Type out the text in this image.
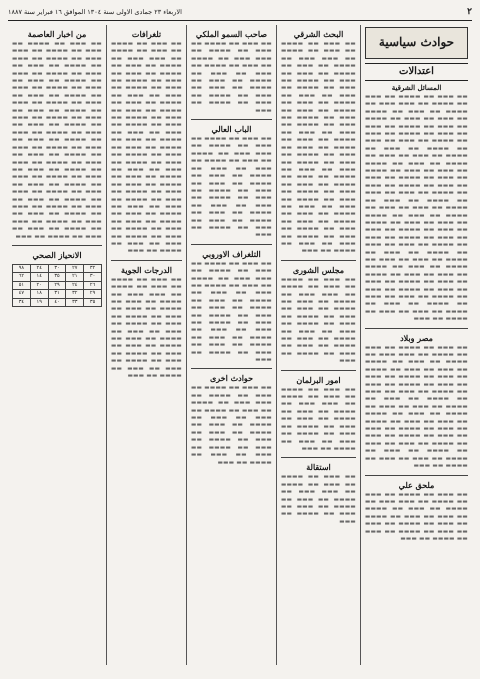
٢
الاربعاء ٢٣ جمادى الاولى سنة ١٣٠٤ الموافق ١٦ فبراير سنة ١٨٨٧
حوادث سياسية
اعتدالات
المسائل الشرقية
▬▬ ▬▬▬ ▬▬ ▬▬▬▬ ▬▬ ▬▬▬ ▬▬ ▬▬▬▬ ▬▬ ▬▬▬ ▬▬▬ ▬▬ ▬▬▬▬ ▬▬ ▬▬▬ ▬▬ ▬▬▬▬ ▬▬ ▬▬▬ ▬▬ ▬▬▬ ▬▬ ▬▬▬▬ ▬▬ ▬▬▬ ▬▬ ▬▬▬▬ ▬▬ ▬▬▬ ▬▬ ▬▬▬ ▬▬ ▬▬▬▬ ▬▬ ▬▬▬ ▬▬ ▬▬▬▬ ▬▬ ▬▬▬ ▬▬ ▬▬▬ ▬▬ ▬▬▬▬ ▬▬ ▬▬▬ ▬▬ ▬▬▬▬ ▬▬ ▬▬▬ ▬▬ ▬▬▬ ▬▬ ▬▬▬▬ ▬▬ ▬▬▬ ▬▬ ▬▬▬▬ ▬▬ ▬▬▬ ▬▬ ▬▬▬ ▬▬ ▬▬▬▬ ▬▬ ▬▬▬ ▬▬ ▬▬▬▬ ▬▬ ▬▬▬ ▬▬ ▬▬▬ ▬▬ ▬▬▬▬ ▬▬ ▬▬▬ ▬▬ ▬▬▬▬ ▬▬ ▬▬▬ ▬▬ ▬▬▬ ▬▬ ▬▬▬▬ ▬▬ ▬▬▬ ▬▬ ▬▬▬▬ ▬▬ ▬▬▬ ▬▬ ▬▬▬ ▬▬ ▬▬▬▬ ▬▬ ▬▬▬ ▬▬ ▬▬▬▬ ▬▬ ▬▬▬ ▬▬ ▬▬▬ ▬▬ ▬▬▬▬ ▬▬ ▬▬▬ ▬▬ ▬▬▬▬ ▬▬ ▬▬▬ ▬▬ ▬▬▬ ▬▬ ▬▬▬▬ ▬▬ ▬▬▬ ▬▬ ▬▬▬▬ ▬▬ ▬▬▬ ▬▬ ▬▬▬ ▬▬ ▬▬▬▬ ▬▬ ▬▬▬ ▬▬ ▬▬▬▬ ▬▬ ▬▬▬ ▬▬ ▬▬▬ ▬▬ ▬▬▬▬ ▬▬ ▬▬▬ ▬▬ ▬▬▬▬ ▬▬ ▬▬▬ ▬▬ ▬▬▬ ▬▬ ▬▬▬▬ ▬▬ ▬▬▬ ▬▬ ▬▬▬▬ ▬▬ ▬▬▬ ▬▬ ▬▬▬ ▬▬ ▬▬▬▬ ▬▬ ▬▬▬ ▬▬ ▬▬▬▬ ▬▬ ▬▬▬ ▬▬ ▬▬▬ ▬▬ ▬▬▬▬ ▬▬ ▬▬▬ ▬▬ ▬▬▬▬ ▬▬ ▬▬▬ ▬▬ ▬▬▬ ▬▬ ▬▬▬▬ ▬▬ ▬▬▬
مصر وبلاد
▬▬ ▬▬▬ ▬▬ ▬▬▬▬ ▬▬ ▬▬▬ ▬▬ ▬▬▬▬ ▬▬ ▬▬▬ ▬▬▬ ▬▬ ▬▬▬▬ ▬▬ ▬▬▬ ▬▬ ▬▬▬▬ ▬▬ ▬▬▬ ▬▬ ▬▬▬ ▬▬ ▬▬▬▬ ▬▬ ▬▬▬ ▬▬ ▬▬▬▬ ▬▬ ▬▬▬ ▬▬ ▬▬▬ ▬▬ ▬▬▬▬ ▬▬ ▬▬▬ ▬▬ ▬▬▬▬ ▬▬ ▬▬▬ ▬▬ ▬▬▬ ▬▬ ▬▬▬▬ ▬▬ ▬▬▬ ▬▬ ▬▬▬▬ ▬▬ ▬▬▬ ▬▬ ▬▬▬ ▬▬ ▬▬▬▬ ▬▬ ▬▬▬ ▬▬ ▬▬▬▬ ▬▬ ▬▬▬ ▬▬ ▬▬▬ ▬▬ ▬▬▬▬ ▬▬ ▬▬▬ ▬▬ ▬▬▬▬ ▬▬ ▬▬▬ ▬▬ ▬▬▬ ▬▬ ▬▬▬▬ ▬▬ ▬▬▬ ▬▬ ▬▬▬▬ ▬▬ ▬▬▬ ▬▬ ▬▬▬ ▬▬ ▬▬▬▬ ▬▬ ▬▬▬ ▬▬ ▬▬▬▬ ▬▬ ▬▬▬ ▬▬ ▬▬▬ ▬▬ ▬▬▬▬ ▬▬ ▬▬▬
ملحق علي
▬▬ ▬▬▬ ▬▬ ▬▬▬▬ ▬▬ ▬▬▬ ▬▬ ▬▬▬▬ ▬▬ ▬▬▬ ▬▬▬ ▬▬ ▬▬▬▬ ▬▬ ▬▬▬ ▬▬ ▬▬▬▬ ▬▬ ▬▬▬ ▬▬ ▬▬▬ ▬▬ ▬▬▬▬ ▬▬ ▬▬▬ ▬▬ ▬▬▬▬ ▬▬ ▬▬▬ ▬▬ ▬▬▬ ▬▬ ▬▬▬▬ ▬▬ ▬▬▬ ▬▬ ▬▬▬▬ ▬▬ ▬▬▬
البحث الشرقي
▬▬ ▬▬▬ ▬▬ ▬▬▬▬ ▬▬ ▬▬▬ ▬▬ ▬▬▬▬ ▬▬ ▬▬▬ ▬▬▬ ▬▬ ▬▬▬▬ ▬▬ ▬▬▬ ▬▬ ▬▬▬▬ ▬▬ ▬▬▬ ▬▬ ▬▬▬ ▬▬ ▬▬▬▬ ▬▬ ▬▬▬ ▬▬ ▬▬▬▬ ▬▬ ▬▬▬ ▬▬ ▬▬▬ ▬▬ ▬▬▬▬ ▬▬ ▬▬▬ ▬▬ ▬▬▬▬ ▬▬ ▬▬▬ ▬▬ ▬▬▬ ▬▬ ▬▬▬▬ ▬▬ ▬▬▬ ▬▬ ▬▬▬▬ ▬▬ ▬▬▬ ▬▬ ▬▬▬ ▬▬ ▬▬▬▬ ▬▬ ▬▬▬ ▬▬ ▬▬▬▬ ▬▬ ▬▬▬ ▬▬ ▬▬▬ ▬▬ ▬▬▬▬ ▬▬ ▬▬▬ ▬▬ ▬▬▬▬ ▬▬ ▬▬▬ ▬▬ ▬▬▬ ▬▬ ▬▬▬▬ ▬▬ ▬▬▬ ▬▬ ▬▬▬▬ ▬▬ ▬▬▬ ▬▬ ▬▬▬ ▬▬ ▬▬▬▬ ▬▬ ▬▬▬ ▬▬ ▬▬▬▬ ▬▬ ▬▬▬ ▬▬ ▬▬▬ ▬▬ ▬▬▬▬ ▬▬ ▬▬▬ ▬▬ ▬▬▬▬ ▬▬ ▬▬▬ ▬▬ ▬▬▬ ▬▬ ▬▬▬▬ ▬▬ ▬▬▬ ▬▬ ▬▬▬▬ ▬▬ ▬▬▬ ▬▬ ▬▬▬ ▬▬ ▬▬▬▬ ▬▬ ▬▬▬
مجلس الشورى
▬▬ ▬▬▬ ▬▬ ▬▬▬▬ ▬▬ ▬▬▬ ▬▬ ▬▬▬▬ ▬▬ ▬▬▬ ▬▬▬ ▬▬ ▬▬▬▬ ▬▬ ▬▬▬ ▬▬ ▬▬▬▬ ▬▬ ▬▬▬ ▬▬ ▬▬▬ ▬▬ ▬▬▬▬ ▬▬ ▬▬▬ ▬▬ ▬▬▬▬ ▬▬ ▬▬▬ ▬▬ ▬▬▬ ▬▬ ▬▬▬▬ ▬▬ ▬▬▬ ▬▬ ▬▬▬▬ ▬▬ ▬▬▬ ▬▬ ▬▬▬ ▬▬ ▬▬▬▬ ▬▬ ▬▬▬
امور البرلمان
▬▬ ▬▬▬ ▬▬ ▬▬▬▬ ▬▬ ▬▬▬ ▬▬ ▬▬▬▬ ▬▬ ▬▬▬ ▬▬▬ ▬▬ ▬▬▬▬ ▬▬ ▬▬▬ ▬▬ ▬▬▬▬ ▬▬ ▬▬▬ ▬▬ ▬▬▬ ▬▬ ▬▬▬▬ ▬▬ ▬▬▬ ▬▬ ▬▬▬▬ ▬▬ ▬▬▬ ▬▬ ▬▬▬ ▬▬ ▬▬▬▬ ▬▬ ▬▬▬
استقالة
▬▬ ▬▬▬ ▬▬ ▬▬▬▬ ▬▬ ▬▬▬ ▬▬ ▬▬▬▬ ▬▬ ▬▬▬ ▬▬▬ ▬▬ ▬▬▬▬ ▬▬ ▬▬▬ ▬▬ ▬▬▬▬ ▬▬ ▬▬▬ ▬▬ ▬▬▬ ▬▬ ▬▬▬▬ ▬▬ ▬▬▬
صاحب السمو الملكي
▬▬ ▬▬▬ ▬▬ ▬▬▬▬ ▬▬ ▬▬▬ ▬▬ ▬▬▬▬ ▬▬ ▬▬▬ ▬▬▬ ▬▬ ▬▬▬▬ ▬▬ ▬▬▬ ▬▬ ▬▬▬▬ ▬▬ ▬▬▬ ▬▬ ▬▬▬ ▬▬ ▬▬▬▬ ▬▬ ▬▬▬ ▬▬ ▬▬▬▬ ▬▬ ▬▬▬ ▬▬ ▬▬▬ ▬▬ ▬▬▬▬ ▬▬ ▬▬▬ ▬▬ ▬▬▬▬ ▬▬ ▬▬▬
الباب العالي
▬▬ ▬▬▬ ▬▬ ▬▬▬▬ ▬▬ ▬▬▬ ▬▬ ▬▬▬▬ ▬▬ ▬▬▬ ▬▬▬ ▬▬ ▬▬▬▬ ▬▬ ▬▬▬ ▬▬ ▬▬▬▬ ▬▬ ▬▬▬ ▬▬ ▬▬▬ ▬▬ ▬▬▬▬ ▬▬ ▬▬▬ ▬▬ ▬▬▬▬ ▬▬ ▬▬▬ ▬▬ ▬▬▬ ▬▬ ▬▬▬▬ ▬▬ ▬▬▬ ▬▬ ▬▬▬▬ ▬▬ ▬▬▬ ▬▬ ▬▬▬ ▬▬ ▬▬▬▬ ▬▬ ▬▬▬ ▬▬ ▬▬▬▬ ▬▬ ▬▬▬ ▬▬ ▬▬▬ ▬▬ ▬▬▬▬ ▬▬ ▬▬▬
التلغراف الاوروبي
▬▬ ▬▬▬ ▬▬ ▬▬▬▬ ▬▬ ▬▬▬ ▬▬ ▬▬▬▬ ▬▬ ▬▬▬ ▬▬▬ ▬▬ ▬▬▬▬ ▬▬ ▬▬▬ ▬▬ ▬▬▬▬ ▬▬ ▬▬▬ ▬▬ ▬▬▬ ▬▬ ▬▬▬▬ ▬▬ ▬▬▬ ▬▬ ▬▬▬▬ ▬▬ ▬▬▬ ▬▬ ▬▬▬ ▬▬ ▬▬▬▬ ▬▬ ▬▬▬ ▬▬ ▬▬▬▬ ▬▬ ▬▬▬ ▬▬ ▬▬▬ ▬▬ ▬▬▬▬ ▬▬ ▬▬▬ ▬▬ ▬▬▬▬ ▬▬ ▬▬▬ ▬▬ ▬▬▬ ▬▬ ▬▬▬▬ ▬▬ ▬▬▬
حوادث اخرى
▬▬ ▬▬▬ ▬▬ ▬▬▬▬ ▬▬ ▬▬▬ ▬▬ ▬▬▬▬ ▬▬ ▬▬▬ ▬▬▬ ▬▬ ▬▬▬▬ ▬▬ ▬▬▬ ▬▬ ▬▬▬▬ ▬▬ ▬▬▬ ▬▬ ▬▬▬ ▬▬ ▬▬▬▬ ▬▬ ▬▬▬ ▬▬ ▬▬▬▬ ▬▬ ▬▬▬ ▬▬ ▬▬▬ ▬▬ ▬▬▬▬ ▬▬ ▬▬▬ ▬▬ ▬▬▬▬ ▬▬ ▬▬▬ ▬▬ ▬▬▬ ▬▬ ▬▬▬▬ ▬▬ ▬▬▬
تلغرافات
▬▬ ▬▬▬ ▬▬ ▬▬▬▬ ▬▬ ▬▬▬ ▬▬ ▬▬▬▬ ▬▬ ▬▬▬ ▬▬▬ ▬▬ ▬▬▬▬ ▬▬ ▬▬▬ ▬▬ ▬▬▬▬ ▬▬ ▬▬▬ ▬▬ ▬▬▬ ▬▬ ▬▬▬▬ ▬▬ ▬▬▬ ▬▬ ▬▬▬▬ ▬▬ ▬▬▬ ▬▬ ▬▬▬ ▬▬ ▬▬▬▬ ▬▬ ▬▬▬ ▬▬ ▬▬▬▬ ▬▬ ▬▬▬ ▬▬ ▬▬▬ ▬▬ ▬▬▬▬ ▬▬ ▬▬▬ ▬▬ ▬▬▬▬ ▬▬ ▬▬▬ ▬▬ ▬▬▬ ▬▬ ▬▬▬▬ ▬▬ ▬▬▬ ▬▬ ▬▬▬▬ ▬▬ ▬▬▬ ▬▬ ▬▬▬ ▬▬ ▬▬▬▬ ▬▬ ▬▬▬ ▬▬ ▬▬▬▬ ▬▬ ▬▬▬ ▬▬ ▬▬▬ ▬▬ ▬▬▬▬ ▬▬ ▬▬▬ ▬▬ ▬▬▬▬ ▬▬ ▬▬▬ ▬▬ ▬▬▬ ▬▬ ▬▬▬▬ ▬▬ ▬▬▬ ▬▬ ▬▬▬▬ ▬▬ ▬▬▬ ▬▬ ▬▬▬ ▬▬ ▬▬▬▬ ▬▬ ▬▬▬ ▬▬ ▬▬▬▬ ▬▬ ▬▬▬ ▬▬ ▬▬▬ ▬▬ ▬▬▬▬ ▬▬ ▬▬▬ ▬▬ ▬▬▬▬ ▬▬ ▬▬▬ ▬▬ ▬▬▬ ▬▬ ▬▬▬▬ ▬▬ ▬▬▬
الدرجات الجوية
▬▬ ▬▬▬ ▬▬ ▬▬▬▬ ▬▬ ▬▬▬ ▬▬ ▬▬▬▬ ▬▬ ▬▬▬ ▬▬▬ ▬▬ ▬▬▬▬ ▬▬ ▬▬▬ ▬▬ ▬▬▬▬ ▬▬ ▬▬▬ ▬▬ ▬▬▬ ▬▬ ▬▬▬▬ ▬▬ ▬▬▬ ▬▬ ▬▬▬▬ ▬▬ ▬▬▬ ▬▬ ▬▬▬ ▬▬ ▬▬▬▬ ▬▬ ▬▬▬ ▬▬ ▬▬▬▬ ▬▬ ▬▬▬ ▬▬ ▬▬▬ ▬▬ ▬▬▬▬ ▬▬ ▬▬▬ ▬▬ ▬▬▬▬ ▬▬ ▬▬▬ ▬▬ ▬▬▬ ▬▬ ▬▬▬▬ ▬▬ ▬▬▬
من اخبار العاصمة
▬▬ ▬▬▬ ▬▬ ▬▬▬▬ ▬▬ ▬▬▬ ▬▬ ▬▬▬▬ ▬▬ ▬▬▬ ▬▬▬ ▬▬ ▬▬▬▬ ▬▬ ▬▬▬ ▬▬ ▬▬▬▬ ▬▬ ▬▬▬ ▬▬ ▬▬▬ ▬▬ ▬▬▬▬ ▬▬ ▬▬▬ ▬▬ ▬▬▬▬ ▬▬ ▬▬▬ ▬▬ ▬▬▬ ▬▬ ▬▬▬▬ ▬▬ ▬▬▬ ▬▬ ▬▬▬▬ ▬▬ ▬▬▬ ▬▬ ▬▬▬ ▬▬ ▬▬▬▬ ▬▬ ▬▬▬ ▬▬ ▬▬▬▬ ▬▬ ▬▬▬ ▬▬ ▬▬▬ ▬▬ ▬▬▬▬ ▬▬ ▬▬▬ ▬▬ ▬▬▬▬ ▬▬ ▬▬▬ ▬▬ ▬▬▬ ▬▬ ▬▬▬▬ ▬▬ ▬▬▬ ▬▬ ▬▬▬▬ ▬▬ ▬▬▬ ▬▬ ▬▬▬ ▬▬ ▬▬▬▬ ▬▬ ▬▬▬ ▬▬ ▬▬▬▬ ▬▬ ▬▬▬ ▬▬ ▬▬▬ ▬▬ ▬▬▬▬ ▬▬ ▬▬▬ ▬▬ ▬▬▬▬ ▬▬ ▬▬▬ ▬▬ ▬▬▬ ▬▬ ▬▬▬▬ ▬▬ ▬▬▬ ▬▬ ▬▬▬▬ ▬▬ ▬▬▬ ▬▬ ▬▬▬ ▬▬ ▬▬▬▬ ▬▬ ▬▬▬ ▬▬ ▬▬▬▬ ▬▬ ▬▬▬ ▬▬ ▬▬▬ ▬▬ ▬▬▬▬ ▬▬ ▬▬▬ ▬▬ ▬▬▬▬ ▬▬ ▬▬▬ ▬▬ ▬▬▬ ▬▬ ▬▬▬▬ ▬▬ ▬▬▬ ▬▬ ▬▬▬▬ ▬▬ ▬▬▬ ▬▬ ▬▬▬ ▬▬ ▬▬▬▬ ▬▬ ▬▬▬
الانحياز الصحي
٣٢	٢٧	٣٠	٢٤	٩٨
٣٠	٢١	٣٥	١٤	٦٢
٢٦	٢٤	٢٩	٢٠	٥١
٢٩	٣٢	٣١	١٨	٤٧
٣٥	٣٣	٤٠	١٩	٣٤
